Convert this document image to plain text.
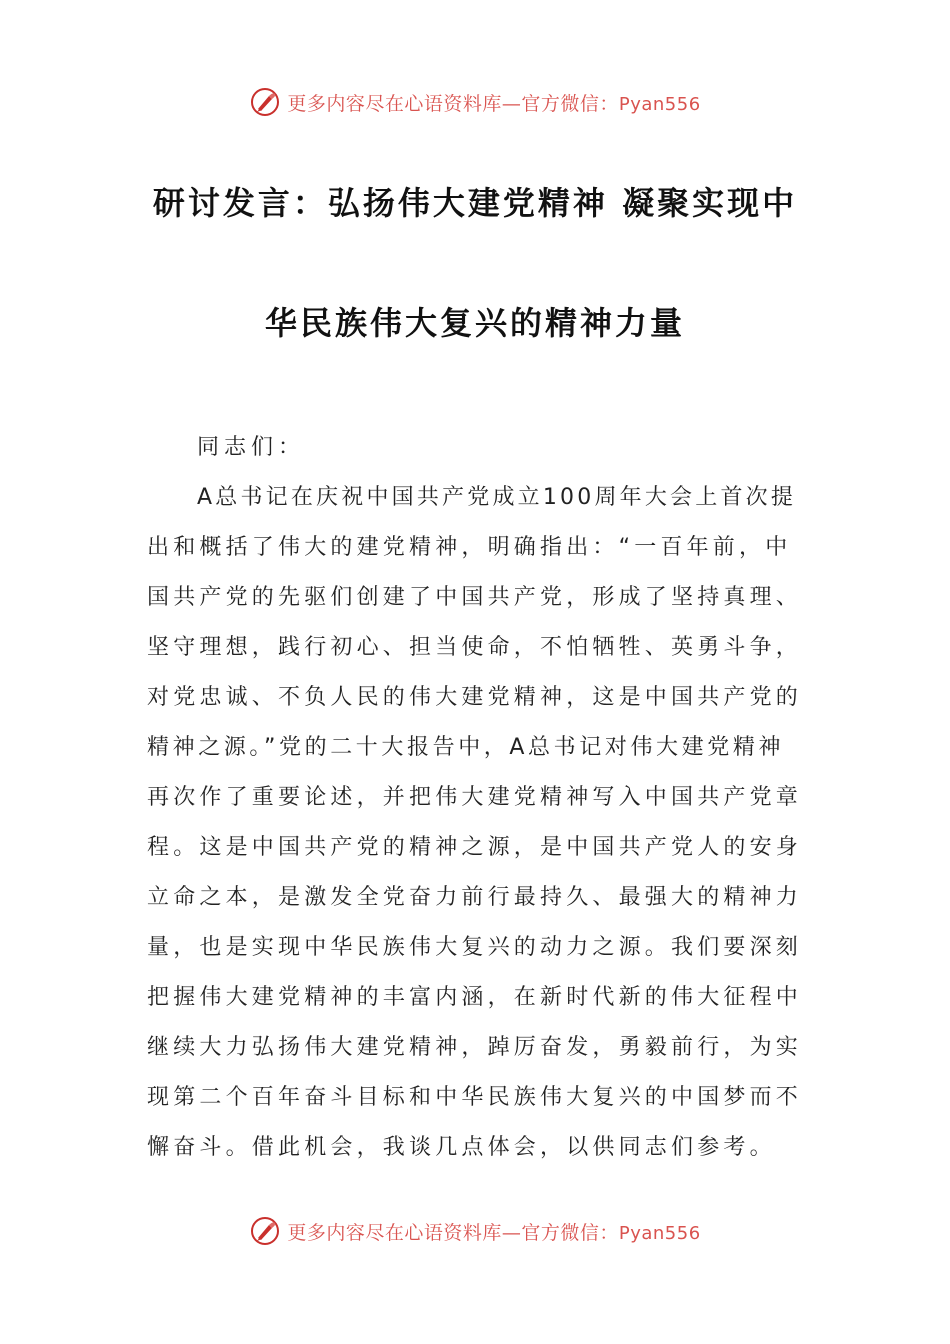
更多内容尽在心语资料库—官方微信：Pyan556
研讨发言：弘扬伟大建党精神 凝聚实现中
华民族伟大复兴的精神力量
同志们：
A总书记在庆祝中国共产党成立100周年大会上首次提
出和概括了伟大的建党精神，明确指出：“一百年前，中
国共产党的先驱们创建了中国共产党，形成了坚持真理、
坚守理想，践行初心、担当使命，不怕牺牲、英勇斗争，
对党忠诚、不负人民的伟大建党精神，这是中国共产党的
精神之源。”党的二十大报告中，A总书记对伟大建党精神
再次作了重要论述，并把伟大建党精神写入中国共产党章
程。这是中国共产党的精神之源，是中国共产党人的安身
立命之本，是激发全党奋力前行最持久、最强大的精神力
量，也是实现中华民族伟大复兴的动力之源。我们要深刻
把握伟大建党精神的丰富内涵，在新时代新的伟大征程中
继续大力弘扬伟大建党精神，踔厉奋发，勇毅前行，为实
现第二个百年奋斗目标和中华民族伟大复兴的中国梦而不
懈奋斗。借此机会，我谈几点体会，以供同志们参考。
更多内容尽在心语资料库—官方微信：Pyan556
